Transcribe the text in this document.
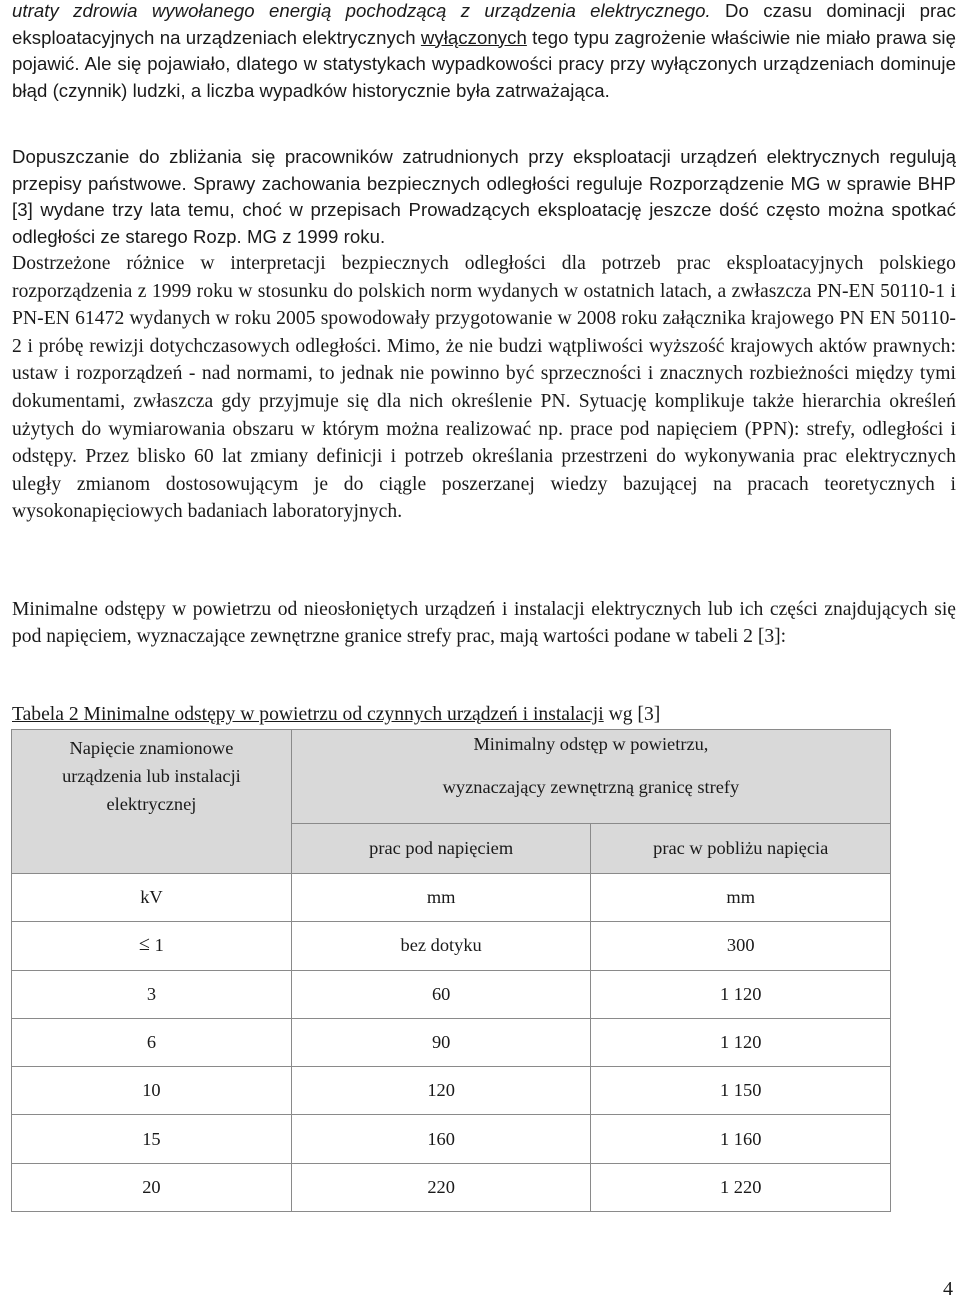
utraty zdrowia wywołanego energią pochodzącą z urządzenia elektrycznego. Do czasu dominacji prac eksploatacyjnych na urządzeniach elektrycznych wyłączonych tego typu zagrożenie właściwie nie miało prawa się pojawić. Ale się pojawiało, dlatego w statystykach wypadkowości pracy przy wyłączonych urządzeniach dominuje błąd (czynnik) ludzki, a liczba wypadków historycznie była zatrważająca.

Dopuszczanie do zbliżania się pracowników zatrudnionych przy eksploatacji urządzeń elektrycznych regulują przepisy państwowe. Sprawy zachowania bezpiecznych odległości reguluje Rozporządzenie MG w sprawie BHP [3] wydane trzy lata temu, choć w przepisach Prowadzących eksploatację jeszcze dość często można spotkać odległości ze starego Rozp. MG z 1999 roku.
Dostrzeżone różnice w interpretacji bezpiecznych odległości dla potrzeb prac eksploatacyjnych polskiego rozporządzenia z 1999 roku w stosunku do polskich norm wydanych w ostatnich latach, a zwłaszcza PN-EN 50110-1 i PN-EN 61472 wydanych w roku 2005 spowodowały przygotowanie w 2008 roku załącznika krajowego PN EN 50110-2 i próbę rewizji dotychczasowych odległości. Mimo, że nie budzi wątpliwości wyższość krajowych aktów prawnych: ustaw i rozporządzeń - nad normami, to jednak nie powinno być sprzeczności i znacznych rozbieżności między tymi dokumentami, zwłaszcza gdy przyjmuje się dla nich określenie PN. Sytuację komplikuje także hierarchia określeń użytych do wymiarowania obszaru w którym można realizować np. prace pod napięciem (PPN): strefy, odległości i odstępy. Przez blisko 60 lat zmiany definicji i potrzeb określania przestrzeni do wykonywania prac elektrycznych uległy zmianom dostosowującym je do ciągle poszerzanej wiedzy bazującej na pracach teoretycznych i wysokonapięciowych badaniach laboratoryjnych.

Minimalne odstępy w powietrzu od nieosłoniętych urządzeń i instalacji elektrycznych lub ich części znajdujących się pod napięciem, wyznaczające zewnętrzne granice strefy prac, mają wartości podane w tabeli 2 [3]:

Tabela 2 Minimalne odstępy w powietrzu od czynnych urządzeń i instalacji wg [3]

Napięcie znamionowe urządzenia lub instalacji elektrycznej	Minimalny odstęp w powietrzu,
wyznaczający zewnętrzną granicę strefy	

	prac pod napięciem	prac w pobliżu napięcia
kV	mm	mm
≤ 1	bez dotyku	300
3	60	1 120
6	90	1 120
10	120	1 150
15	160	1 160
20	220	1 220
4
